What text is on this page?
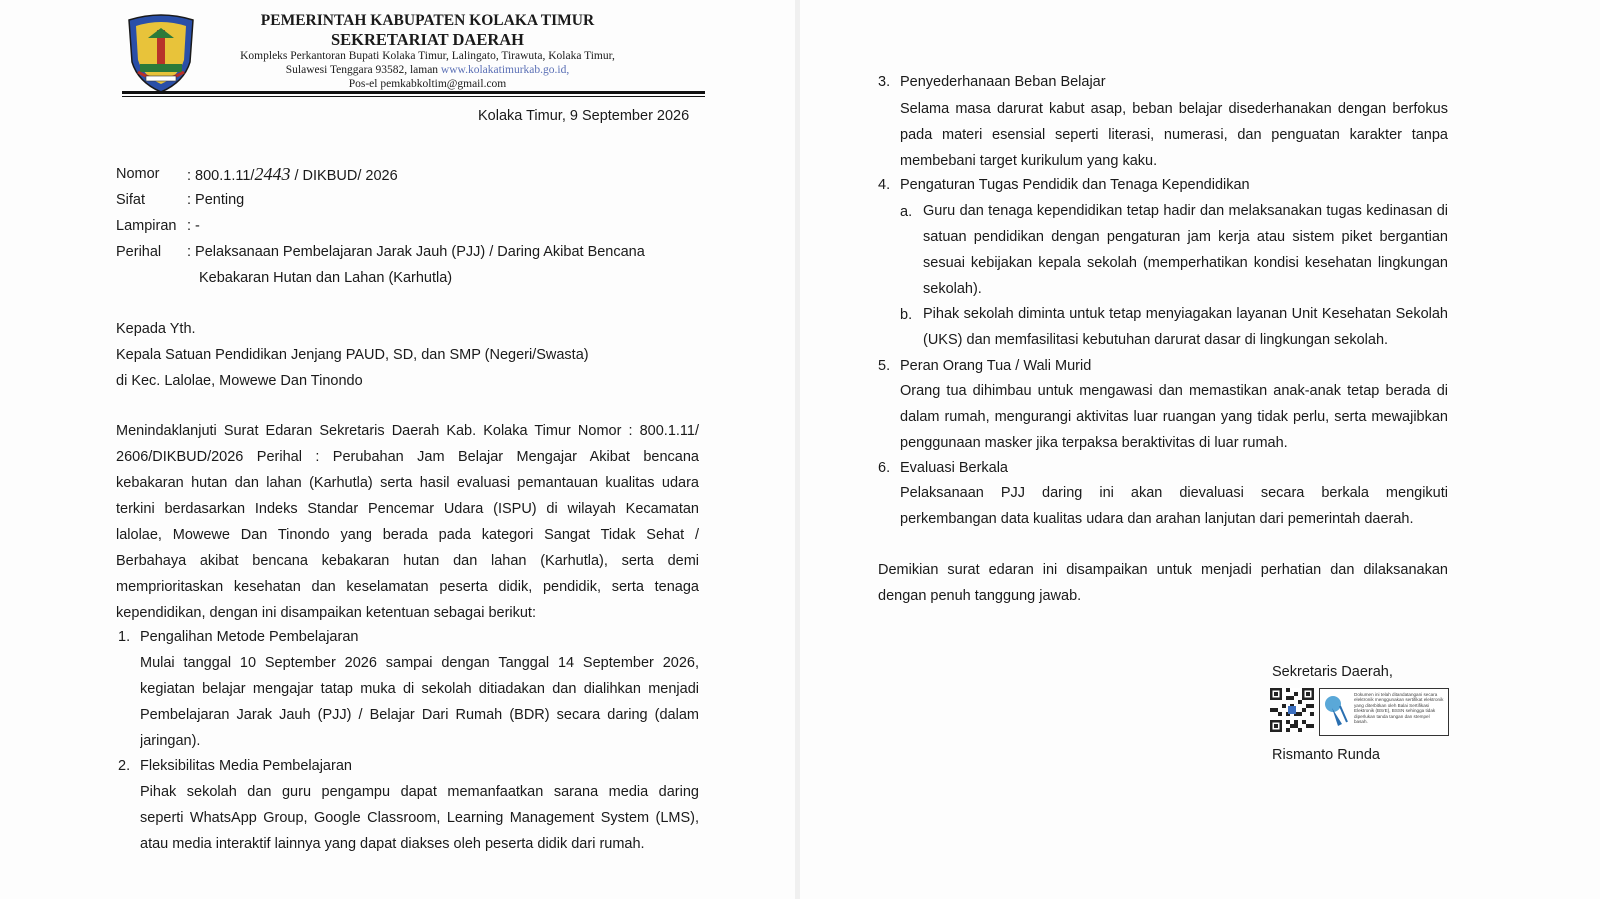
PEMERINTAH KABUPATEN KOLAKA TIMUR
SEKRETARIAT DAERAH
Kompleks Perkantoran Bupati Kolaka Timur, Lalingato, Tirawuta, Kolaka Timur,
Sulawesi Tenggara 93582, laman www.kolakatimurkab.go.id,
Pos-el pemkabkoltim@gmail.com
Kolaka Timur, 9 September 2026
Nomor : 800.1.11/2443 / DIKBUD/ 2026
Sifat	: Penting
Lampiran : -
Perihal : Pelaksanaan Pembelajaran Jarak Jauh (PJJ) / Daring Akibat Bencana
Kebakaran Hutan dan Lahan (Karhutla)
Kepada Yth.
Kepala Satuan Pendidikan Jenjang PAUD, SD, dan SMP (Negeri/Swasta)
di Kec. Lalolae, Mowewe Dan Tinondo
Menindaklanjuti Surat Edaran Sekretaris Daerah Kab. Kolaka Timur Nomor : 800.1.11/
2606/DIKBUD/2026 Perihal : Perubahan Jam Belajar Mengajar Akibat bencana
kebakaran hutan dan lahan (Karhutla) serta hasil evaluasi pemantauan kualitas udara
terkini berdasarkan Indeks Standar Pencemar Udara (ISPU) di wilayah Kecamatan
lalolae, Mowewe Dan Tinondo yang berada pada kategori Sangat Tidak Sehat /
Berbahaya akibat bencana kebakaran hutan dan lahan (Karhutla), serta demi
memprioritaskan kesehatan dan keselamatan peserta didik, pendidik, serta tenaga
kependidikan, dengan ini disampaikan ketentuan sebagai berikut:
1. Pengalihan Metode Pembelajaran
Mulai tanggal 10 September 2026 sampai dengan Tanggal 14 September 2026,
kegiatan belajar mengajar tatap muka di sekolah ditiadakan dan dialihkan menjadi
Pembelajaran Jarak Jauh (PJJ) / Belajar Dari Rumah (BDR) secara daring (dalam
jaringan).
2. Fleksibilitas Media Pembelajaran
Pihak sekolah dan guru pengampu dapat memanfaatkan sarana media daring
seperti WhatsApp Group, Google Classroom, Learning Management System (LMS),
atau media interaktif lainnya yang dapat diakses oleh peserta didik dari rumah.
3. Penyederhanaan Beban Belajar
Selama masa darurat kabut asap, beban belajar disederhanakan dengan berfokus
pada materi esensial seperti literasi, numerasi, dan penguatan karakter tanpa
membebani target kurikulum yang kaku.
4. Pengaturan Tugas Pendidik dan Tenaga Kependidikan
a. Guru dan tenaga kependidikan tetap hadir dan melaksanakan tugas kedinasan di
satuan pendidikan dengan pengaturan jam kerja atau sistem piket bergantian
sesuai kebijakan kepala sekolah (memperhatikan kondisi kesehatan lingkungan
sekolah).
b. Pihak sekolah diminta untuk tetap menyiagakan layanan Unit Kesehatan Sekolah
(UKS) dan memfasilitasi kebutuhan darurat dasar di lingkungan sekolah.
5. Peran Orang Tua / Wali Murid
Orang tua dihimbau untuk mengawasi dan memastikan anak-anak tetap berada di
dalam rumah, mengurangi aktivitas luar ruangan yang tidak perlu, serta mewajibkan
penggunaan masker jika terpaksa beraktivitas di luar rumah.
6. Evaluasi Berkala
Pelaksanaan PJJ daring ini akan dievaluasi secara berkala mengikuti
perkembangan data kualitas udara dan arahan lanjutan dari pemerintah daerah.
Demikian surat edaran ini disampaikan untuk menjadi perhatian dan dilaksanakan
dengan penuh tanggung jawab.
Sekretaris Daerah,
Dokumen ini telah ditandatangani secara elektronik menggunakan sertifikat elektronik yang diterbitkan oleh Balai Sertifikasi Elektronik (BSrE), BSSN sehingga tidak diperlukan tanda tangan dan stempel basah.
Rismanto Runda
